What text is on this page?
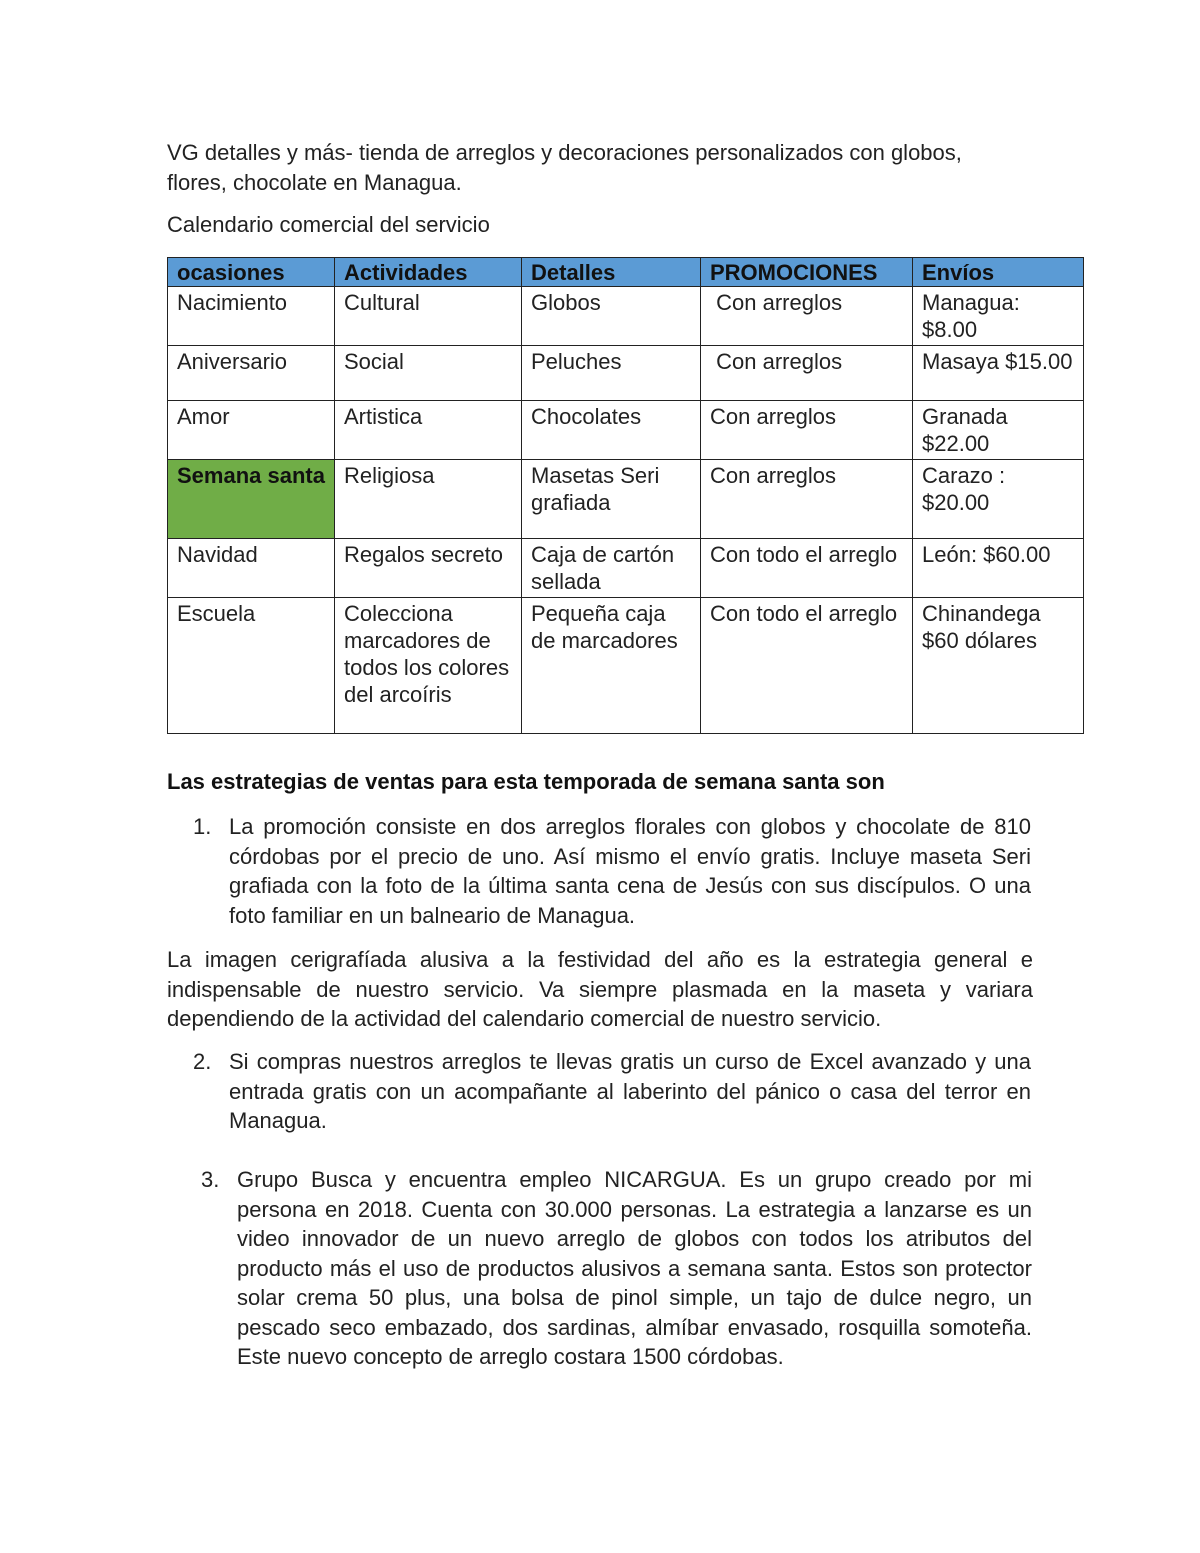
VG detalles y más- tienda de arreglos y decoraciones personalizados con globos,

flores, chocolate en Managua.

Calendario comercial del servicio

ocasiones	Actividades	Detalles	PROMOCIONES	Envíos
Nacimiento	Cultural	Globos	Con arreglos	Managua: $8.00
Aniversario	Social	Peluches	Con arreglos	Masaya $15.00
Amor	Artistica	Chocolates	Con arreglos	Granada $22.00
Semana santa	Religiosa	Masetas Seri grafiada	Con arreglos	Carazo : $20.00
Navidad	Regalos secreto	Caja de cartón sellada	Con todo el arreglo	León: $60.00
Escuela	Colecciona marcadores de todos los colores del arcoíris	Pequeña caja de marcadores	Con todo el arreglo	Chinandega $60 dólares

Las estrategias de ventas para esta temporada de semana santa son

1. La promoción consiste en dos arreglos florales con globos y chocolate de 810 córdobas por el precio de uno. Así mismo el envío gratis. Incluye maseta Seri grafiada con la foto de la última santa cena de Jesús con sus discípulos. O una foto familiar en un balneario de Managua.
La imagen cerigrafíada alusiva a la festividad del año es la estrategia general e indispensable de nuestro servicio. Va siempre plasmada en la maseta y variara dependiendo de la actividad del calendario comercial de nuestro servicio.
2. Si compras nuestros arreglos te llevas gratis un curso de Excel avanzado y una entrada gratis con un acompañante al laberinto del pánico o casa del terror en Managua.
3. Grupo Busca y encuentra empleo NICARGUA. Es un grupo creado por mi persona en 2018. Cuenta con 30.000 personas. La estrategia a lanzarse es un video innovador de un nuevo arreglo de globos con todos los atributos del producto más el uso de productos alusivos a semana santa. Estos son protector solar crema 50 plus, una bolsa de pinol simple, un tajo de dulce negro, un pescado seco embazado, dos sardinas, almíbar envasado, rosquilla somoteña. Este nuevo concepto de arreglo costara 1500 córdobas.
